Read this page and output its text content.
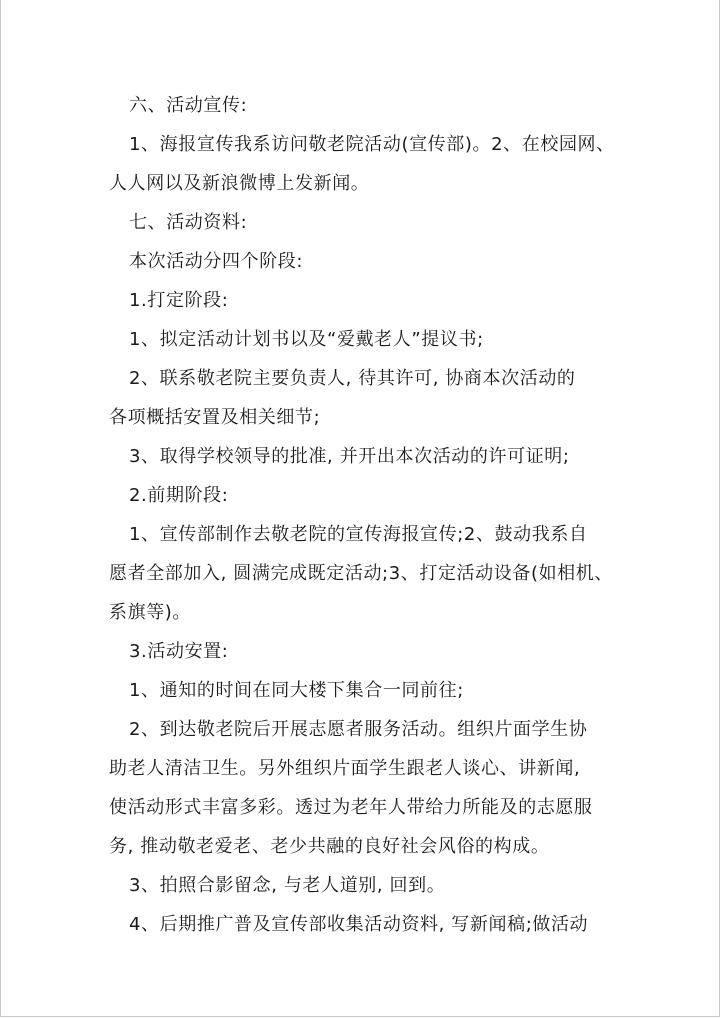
六、活动宣传:
1、海报宣传我系访问敬老院活动(宣传部)。2、在校园网、
人人网以及新浪微博上发新闻。
七、活动资料:
本次活动分四个阶段:
1.打定阶段:
1、拟定活动计划书以及“爱戴老人”提议书;
2、联系敬老院主要负责人, 待其许可, 协商本次活动的
各项概括安置及相关细节;
3、取得学校领导的批准, 并开出本次活动的许可证明;
2.前期阶段:
1、宣传部制作去敬老院的宣传海报宣传;2、鼓动我系自
愿者全部加入, 圆满完成既定活动;3、打定活动设备(如相机、
系旗等)。
3.活动安置:
1、通知的时间在同大楼下集合一同前往;
2、到达敬老院后开展志愿者服务活动。组织片面学生协
助老人清洁卫生。另外组织片面学生跟老人谈心、讲新闻,
使活动形式丰富多彩。透过为老年人带给力所能及的志愿服
务, 推动敬老爱老、老少共融的良好社会风俗的构成。
3、拍照合影留念, 与老人道别, 回到。
4、后期推广普及宣传部收集活动资料, 写新闻稿;做活动
